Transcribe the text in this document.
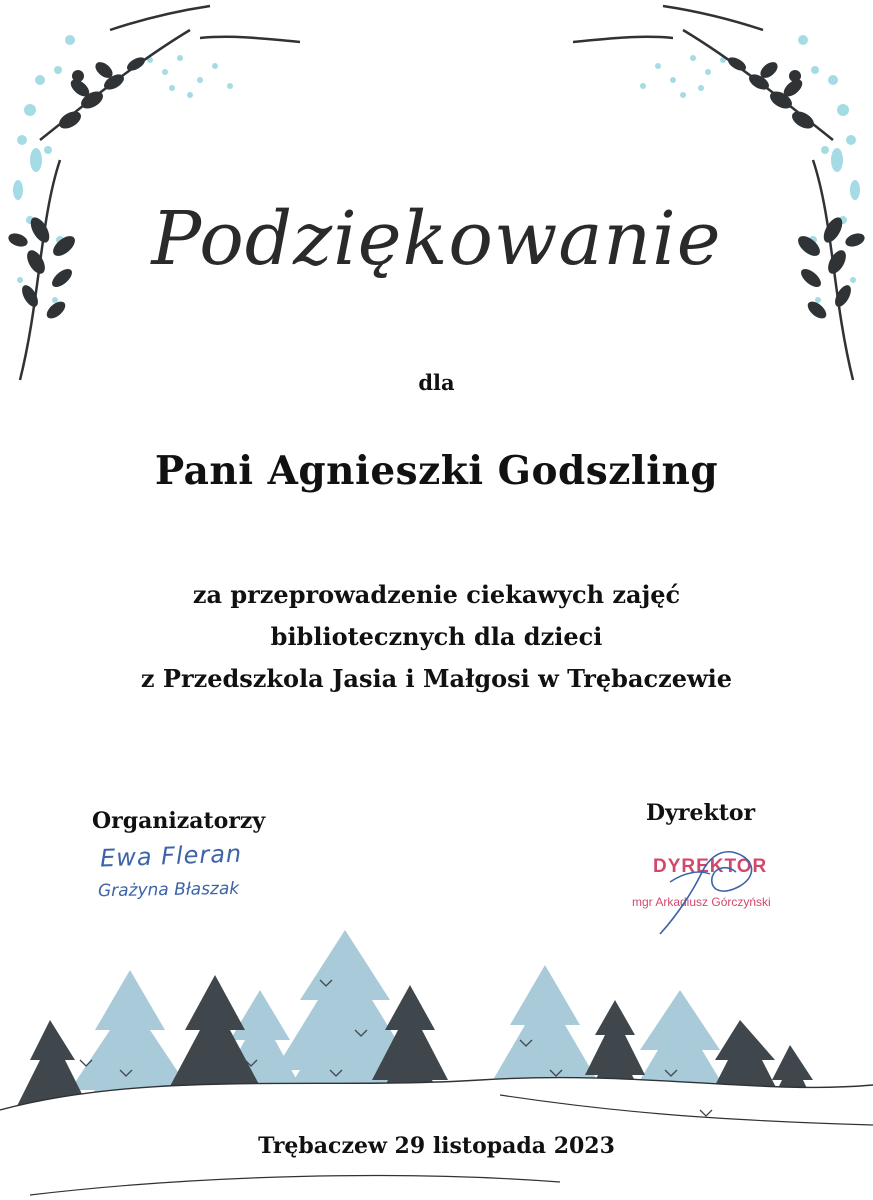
Podziękowanie
dla
Pani Agnieszki Godszling
za przeprowadzenie ciekawych zajęć
bibliotecznych dla dzieci
z Przedszkola Jasia i Małgosi w Trębaczewie
Organizatorzy
Ewa Fleran
Grażyna Błaszak
Dyrektor
DYREKTOR
mgr Arkadiusz Górczyński
Trębaczew 29 listopada 2023
